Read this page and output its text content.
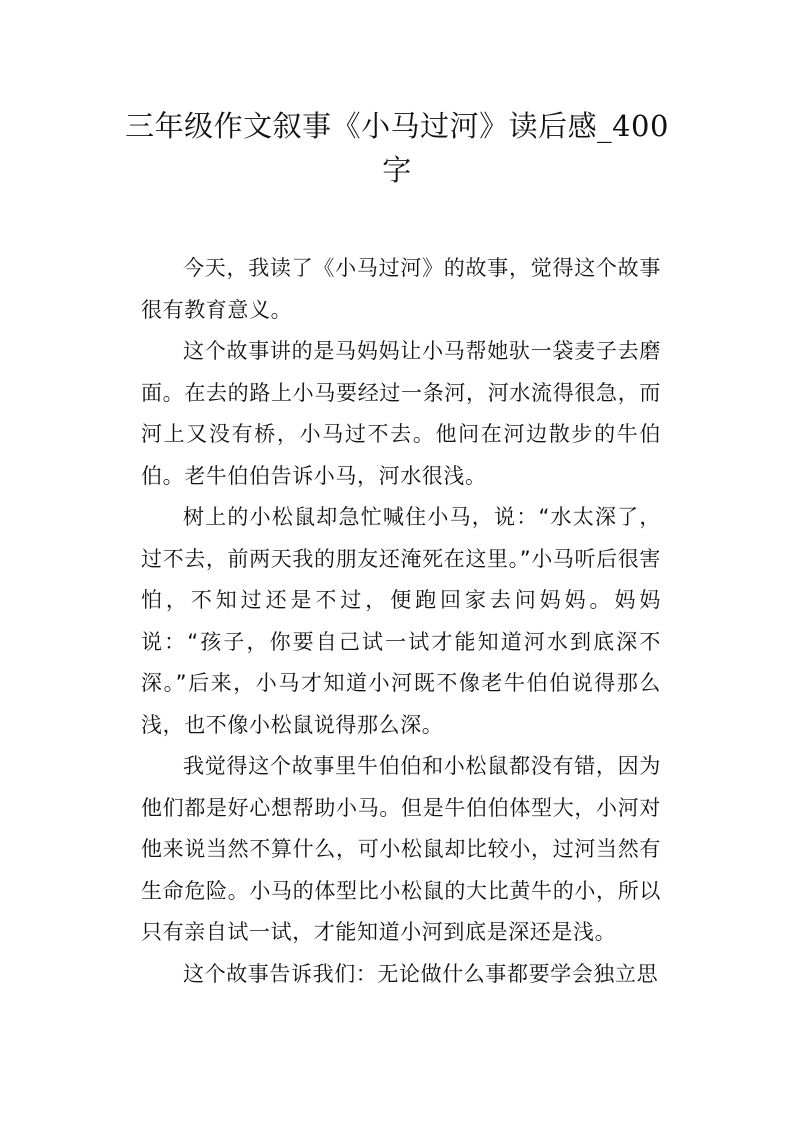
三年级作文叙事《小马过河》读后感_400字

今天，我读了《小马过河》的故事，觉得这个故事很有教育意义。

这个故事讲的是马妈妈让小马帮她驮一袋麦子去磨面。在去的路上小马要经过一条河，河水流得很急，而河上又没有桥，小马过不去。他问在河边散步的牛伯伯。老牛伯伯告诉小马，河水很浅。

树上的小松鼠却急忙喊住小马，说：“水太深了，过不去，前两天我的朋友还淹死在这里。”小马听后很害怕，不知过还是不过，便跑回家去问妈妈。妈妈说：“孩子，你要自己试一试才能知道河水到底深不深。”后来，小马才知道小河既不像老牛伯伯说得那么浅，也不像小松鼠说得那么深。

我觉得这个故事里牛伯伯和小松鼠都没有错，因为他们都是好心想帮助小马。但是牛伯伯体型大，小河对他来说当然不算什么，可小松鼠却比较小，过河当然有生命危险。小马的体型比小松鼠的大比黄牛的小，所以只有亲自试一试，才能知道小河到底是深还是浅。

这个故事告诉我们：无论做什么事都要学会独立思
